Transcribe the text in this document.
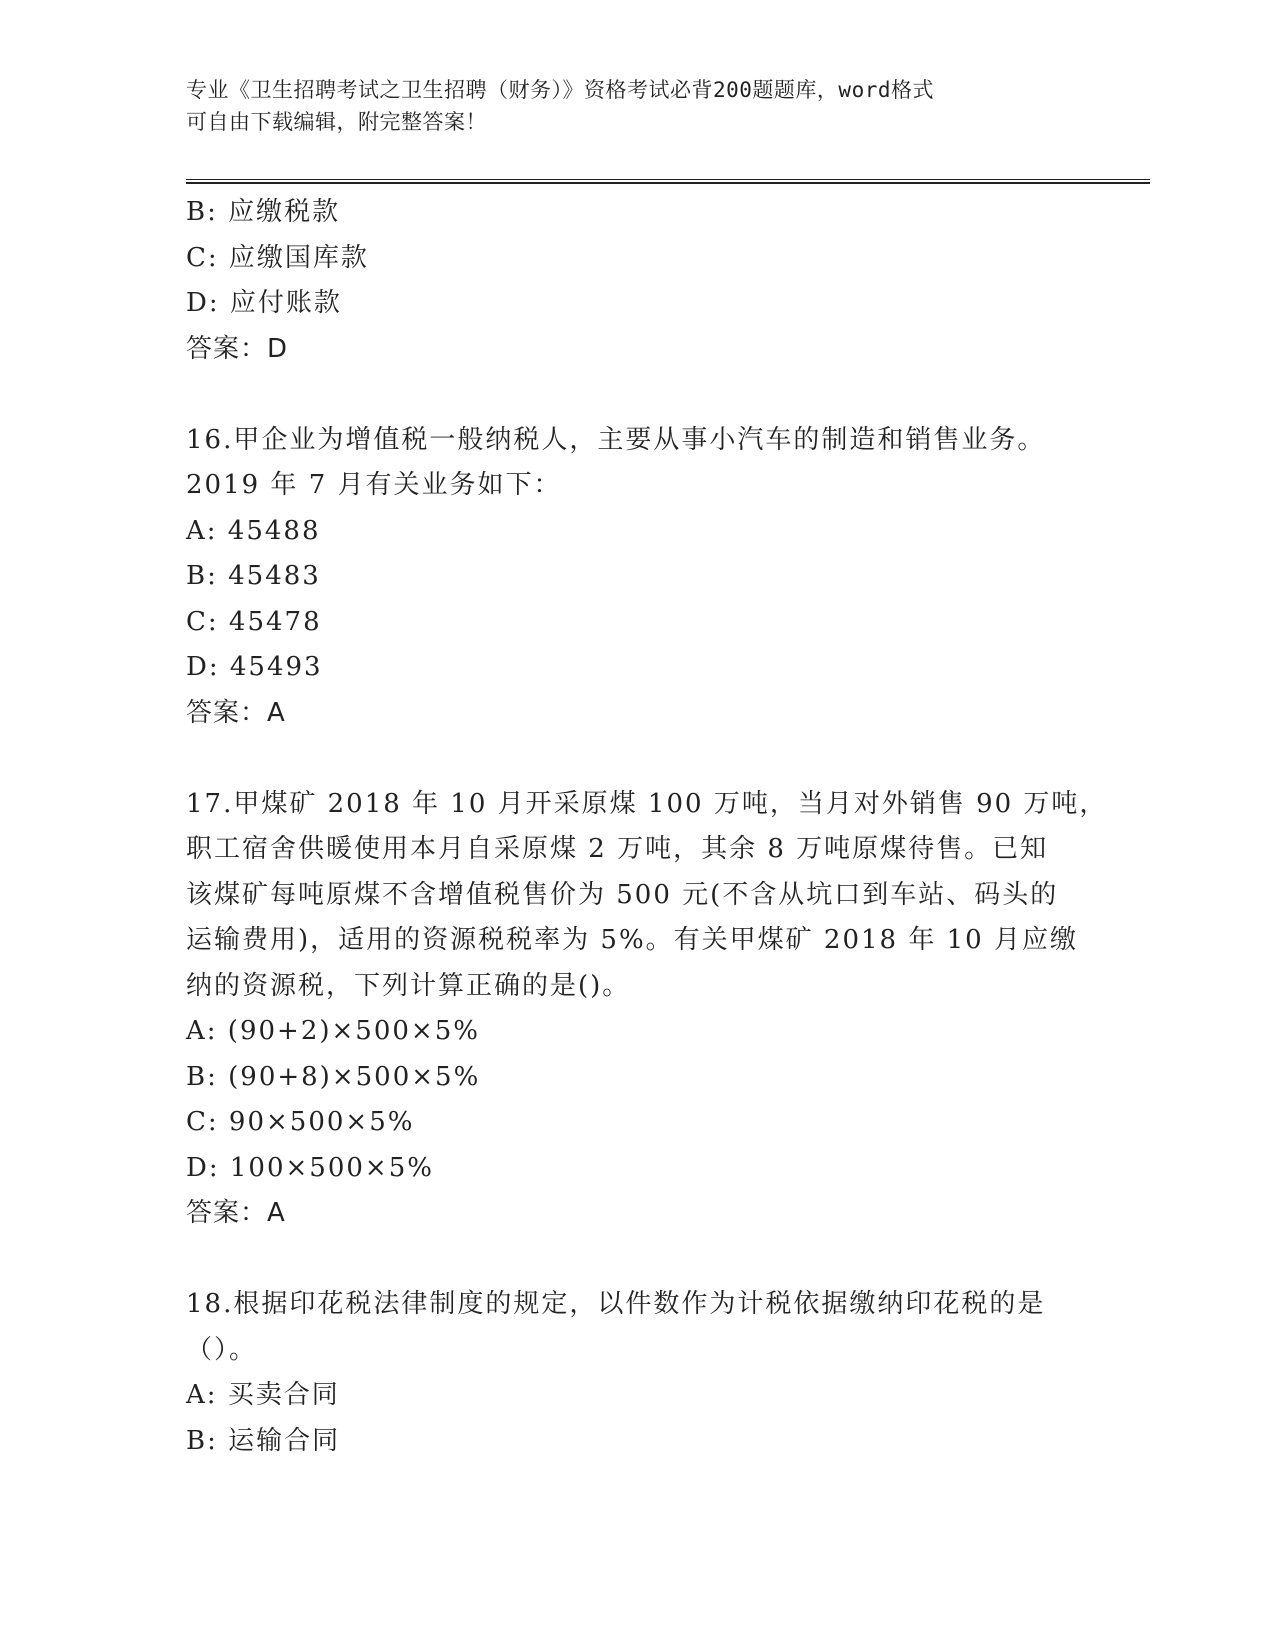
专业《卫生招聘考试之卫生招聘（财务）》资格考试必背200题题库，word格式
可自由下载编辑，附完整答案！
B: 应缴税款
C: 应缴国库款
D: 应付账款
答案：D
16.甲企业为增值税一般纳税人，主要从事小汽车的制造和销售业务。
2019 年 7 月有关业务如下：
A: 45488
B: 45483
C: 45478
D: 45493
答案：A
17.甲煤矿 2018 年 10 月开采原煤 100 万吨，当月对外销售 90 万吨，
职工宿舍供暖使用本月自采原煤 2 万吨，其余 8 万吨原煤待售。已知
该煤矿每吨原煤不含增值税售价为 500 元(不含从坑口到车站、码头的
运输费用)，适用的资源税税率为 5%。有关甲煤矿 2018 年 10 月应缴
纳的资源税，下列计算正确的是()。
A: (90+2)×500×5%
B: (90+8)×500×5%
C: 90×500×5%
D: 100×500×5%
答案：A
18.根据印花税法律制度的规定，以件数作为计税依据缴纳印花税的是
（）。
A: 买卖合同
B: 运输合同
